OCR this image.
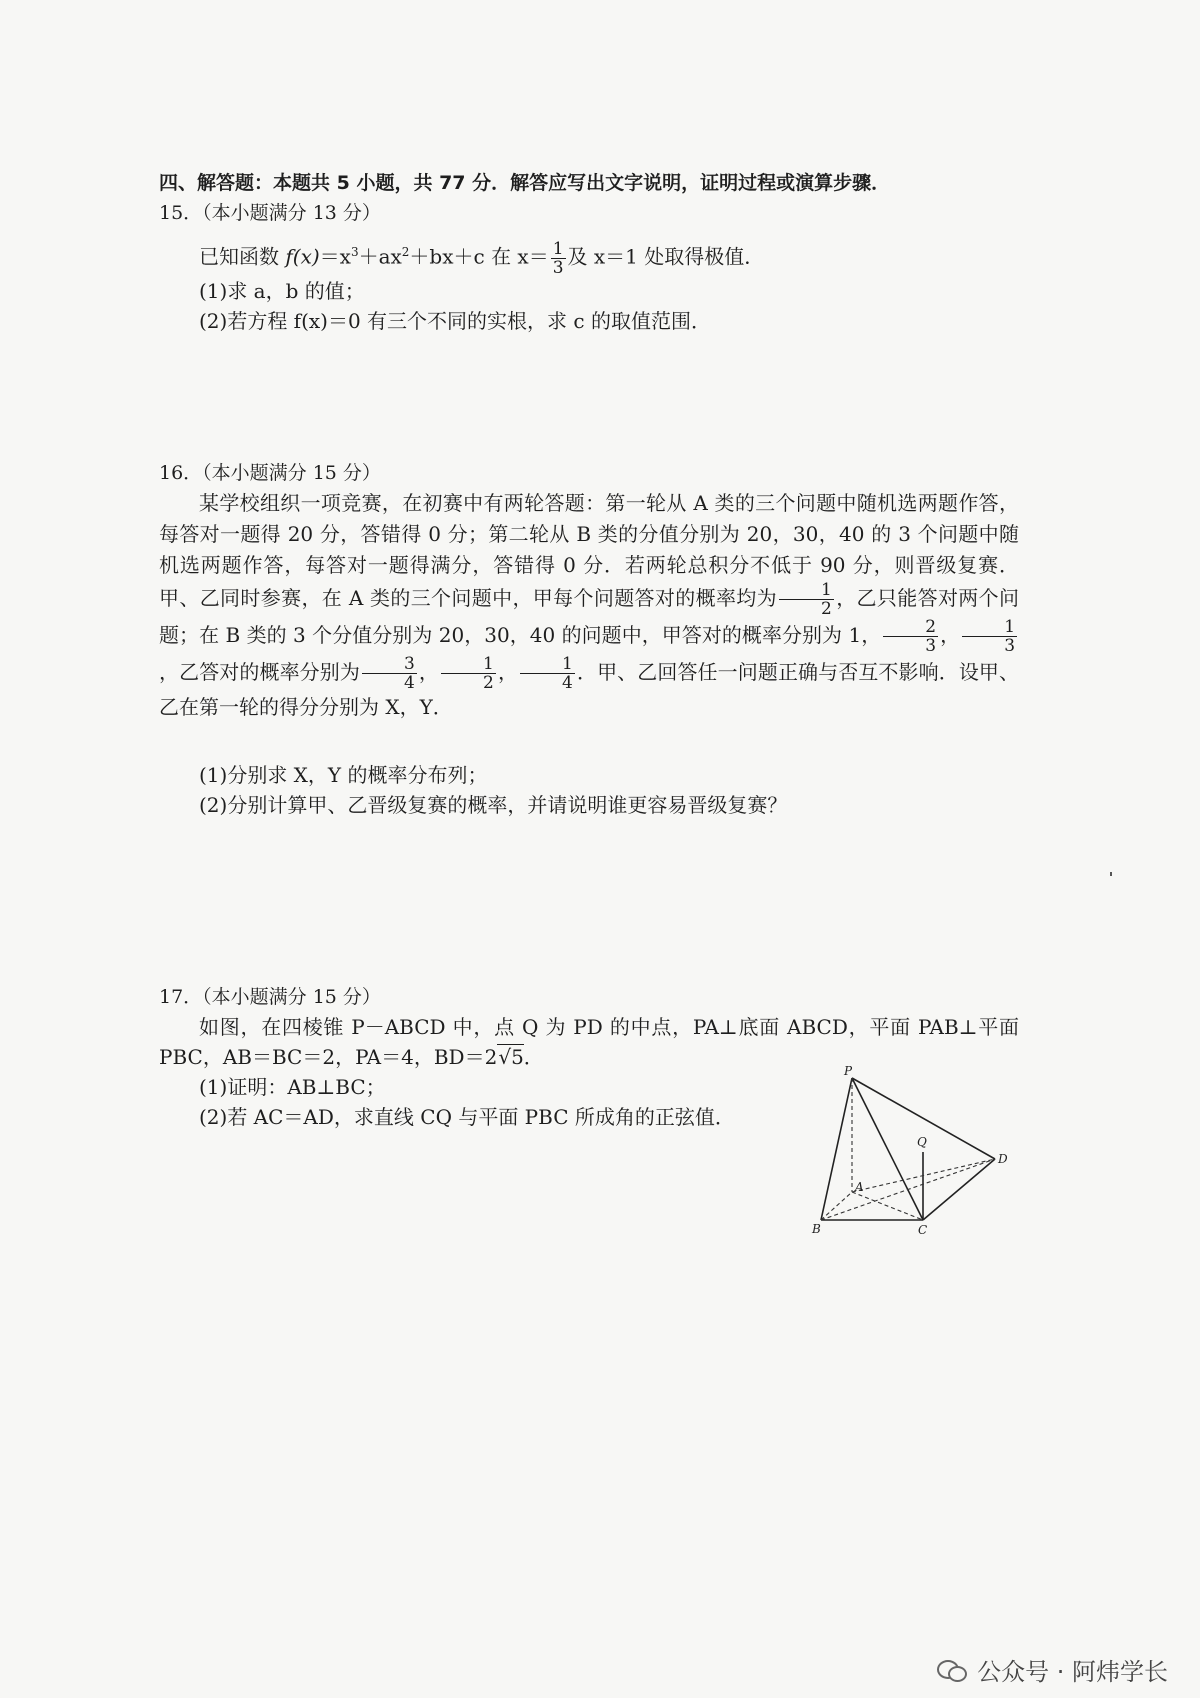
四、解答题：本题共 5 小题，共 77 分．解答应写出文字说明，证明过程或演算步骤．
15．（本小题满分 13 分）
已知函数 $f(x)=x^3+ax^2+bx+c$ 在 $x= \frac{1}{3}$ 及 x＝1 处取得极值．
(1)求 a，b 的值；
(2)若方程 f(x)＝0 有三个不同的实根，求 c 的取值范围．
16．（本小题满分 15 分）
某学校组织一项竞赛，在初赛中有两轮答题：第一轮从 A 类的三个问题中随机选两题作答，每答对一题得 20 分，答错得 0 分；第二轮从 B 类的分值分别为 20，30，40 的 3 个问题中随机选两题作答，每答对一题得满分，答错得 0 分．若两轮总积分不低于 90 分，则晋级复赛．甲、乙同时参赛，在 A 类的三个问题中，甲每个问题答对的概率均为 $\frac{1}{2}$ ，乙只能答对两个问题；在 B 类的 3 个分值分别为 20，30，40 的问题中，甲答对的概率分别为 1， $\frac{2}{3}$ ， $\frac{1}{3}$
，乙答对的概率分别为 $\frac{3}{4}$ ， $\frac{1}{2}$ ， $\frac{1}{4}$ ．甲、乙回答任一问题正确与否互不影响．设甲、乙在第一轮的得分分别为 X，Y．
(1)分别求 X，Y 的概率分布列；
(2)分别计算甲、乙晋级复赛的概率，并请说明谁更容易晋级复赛？
17．（本小题满分 15 分）
如图，在四棱锥 P－ABCD 中，点 Q 为 PD 的中点，PA⊥底面 ABCD，平面 PAB⊥平面 PBC，AB＝BC＝2，PA＝4，BD＝2√5．
(1)证明：AB⊥BC；
(2)若 AC＝AD，求直线 CQ 与平面 PBC 所成角的正弦值．
P
Q
D
A
B	C
公众号 · 阿炜学长
